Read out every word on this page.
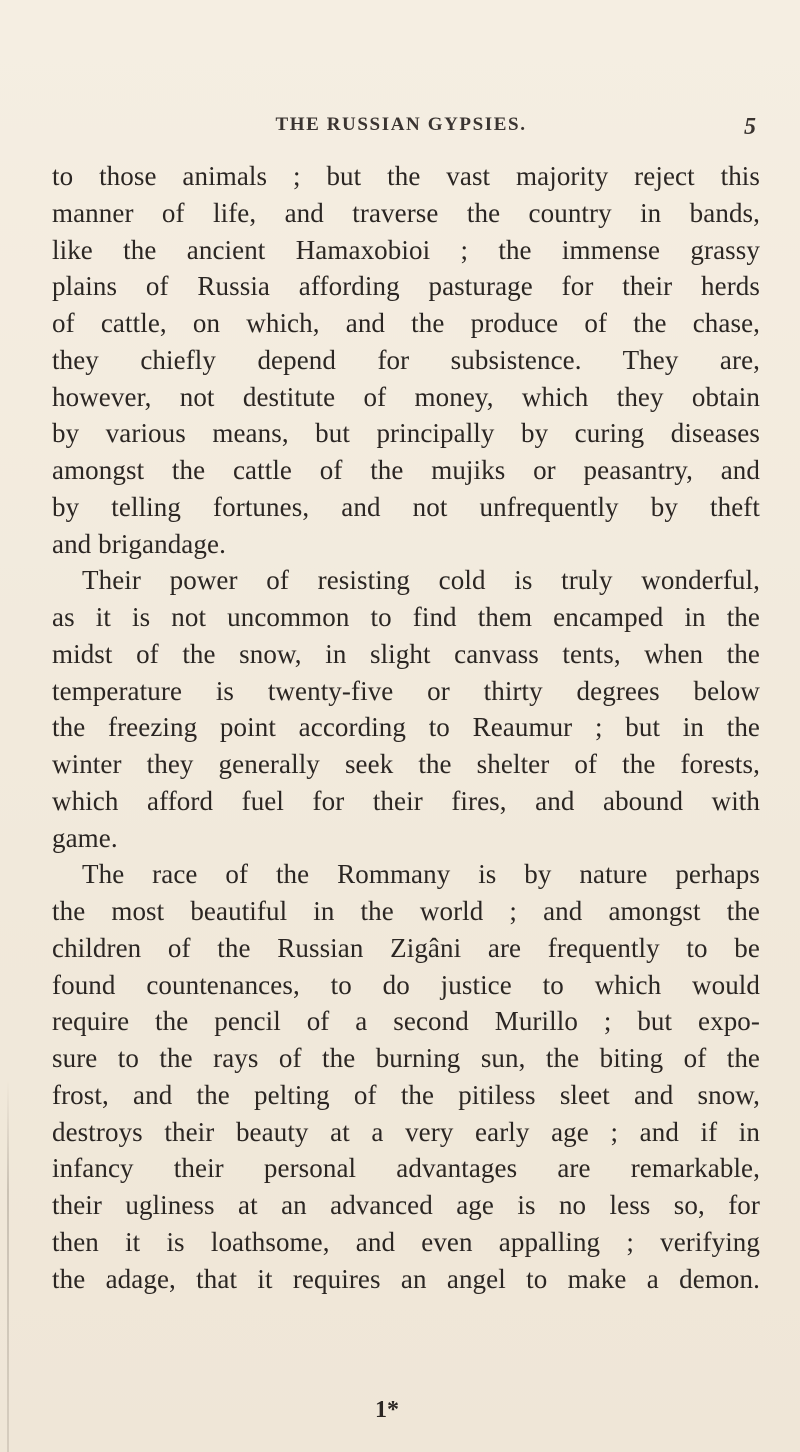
THE RUSSIAN GYPSIES.	5
to those animals ; but the vast majority reject this
manner of life, and traverse the country in bands,
like the ancient Hamaxobioi ; the immense grassy
plains of Russia affording pasturage for their herds
of cattle, on which, and the produce of the chase,
they chiefly depend for subsistence. They are,
however, not destitute of money, which they obtain
by various means, but principally by curing diseases
amongst the cattle of the mujiks or peasantry, and
by telling fortunes, and not unfrequently by theft
and brigandage.
Their power of resisting cold is truly wonderful,
as it is not uncommon to find them encamped in the
midst of the snow, in slight canvass tents, when the
temperature is twenty-five or thirty degrees below
the freezing point according to Reaumur ; but in the
winter they generally seek the shelter of the forests,
which afford fuel for their fires, and abound with
game.
The race of the Rommany is by nature perhaps
the most beautiful in the world ; and amongst the
children of the Russian Zigâni are frequently to be
found countenances, to do justice to which would
require the pencil of a second Murillo ; but expo-
sure to the rays of the burning sun, the biting of the
frost, and the pelting of the pitiless sleet and snow,
destroys their beauty at a very early age ; and if in
infancy their personal advantages are remarkable,
their ugliness at an advanced age is no less so, for
then it is loathsome, and even appalling ; verifying
the adage, that it requires an angel to make a demon.
1*
